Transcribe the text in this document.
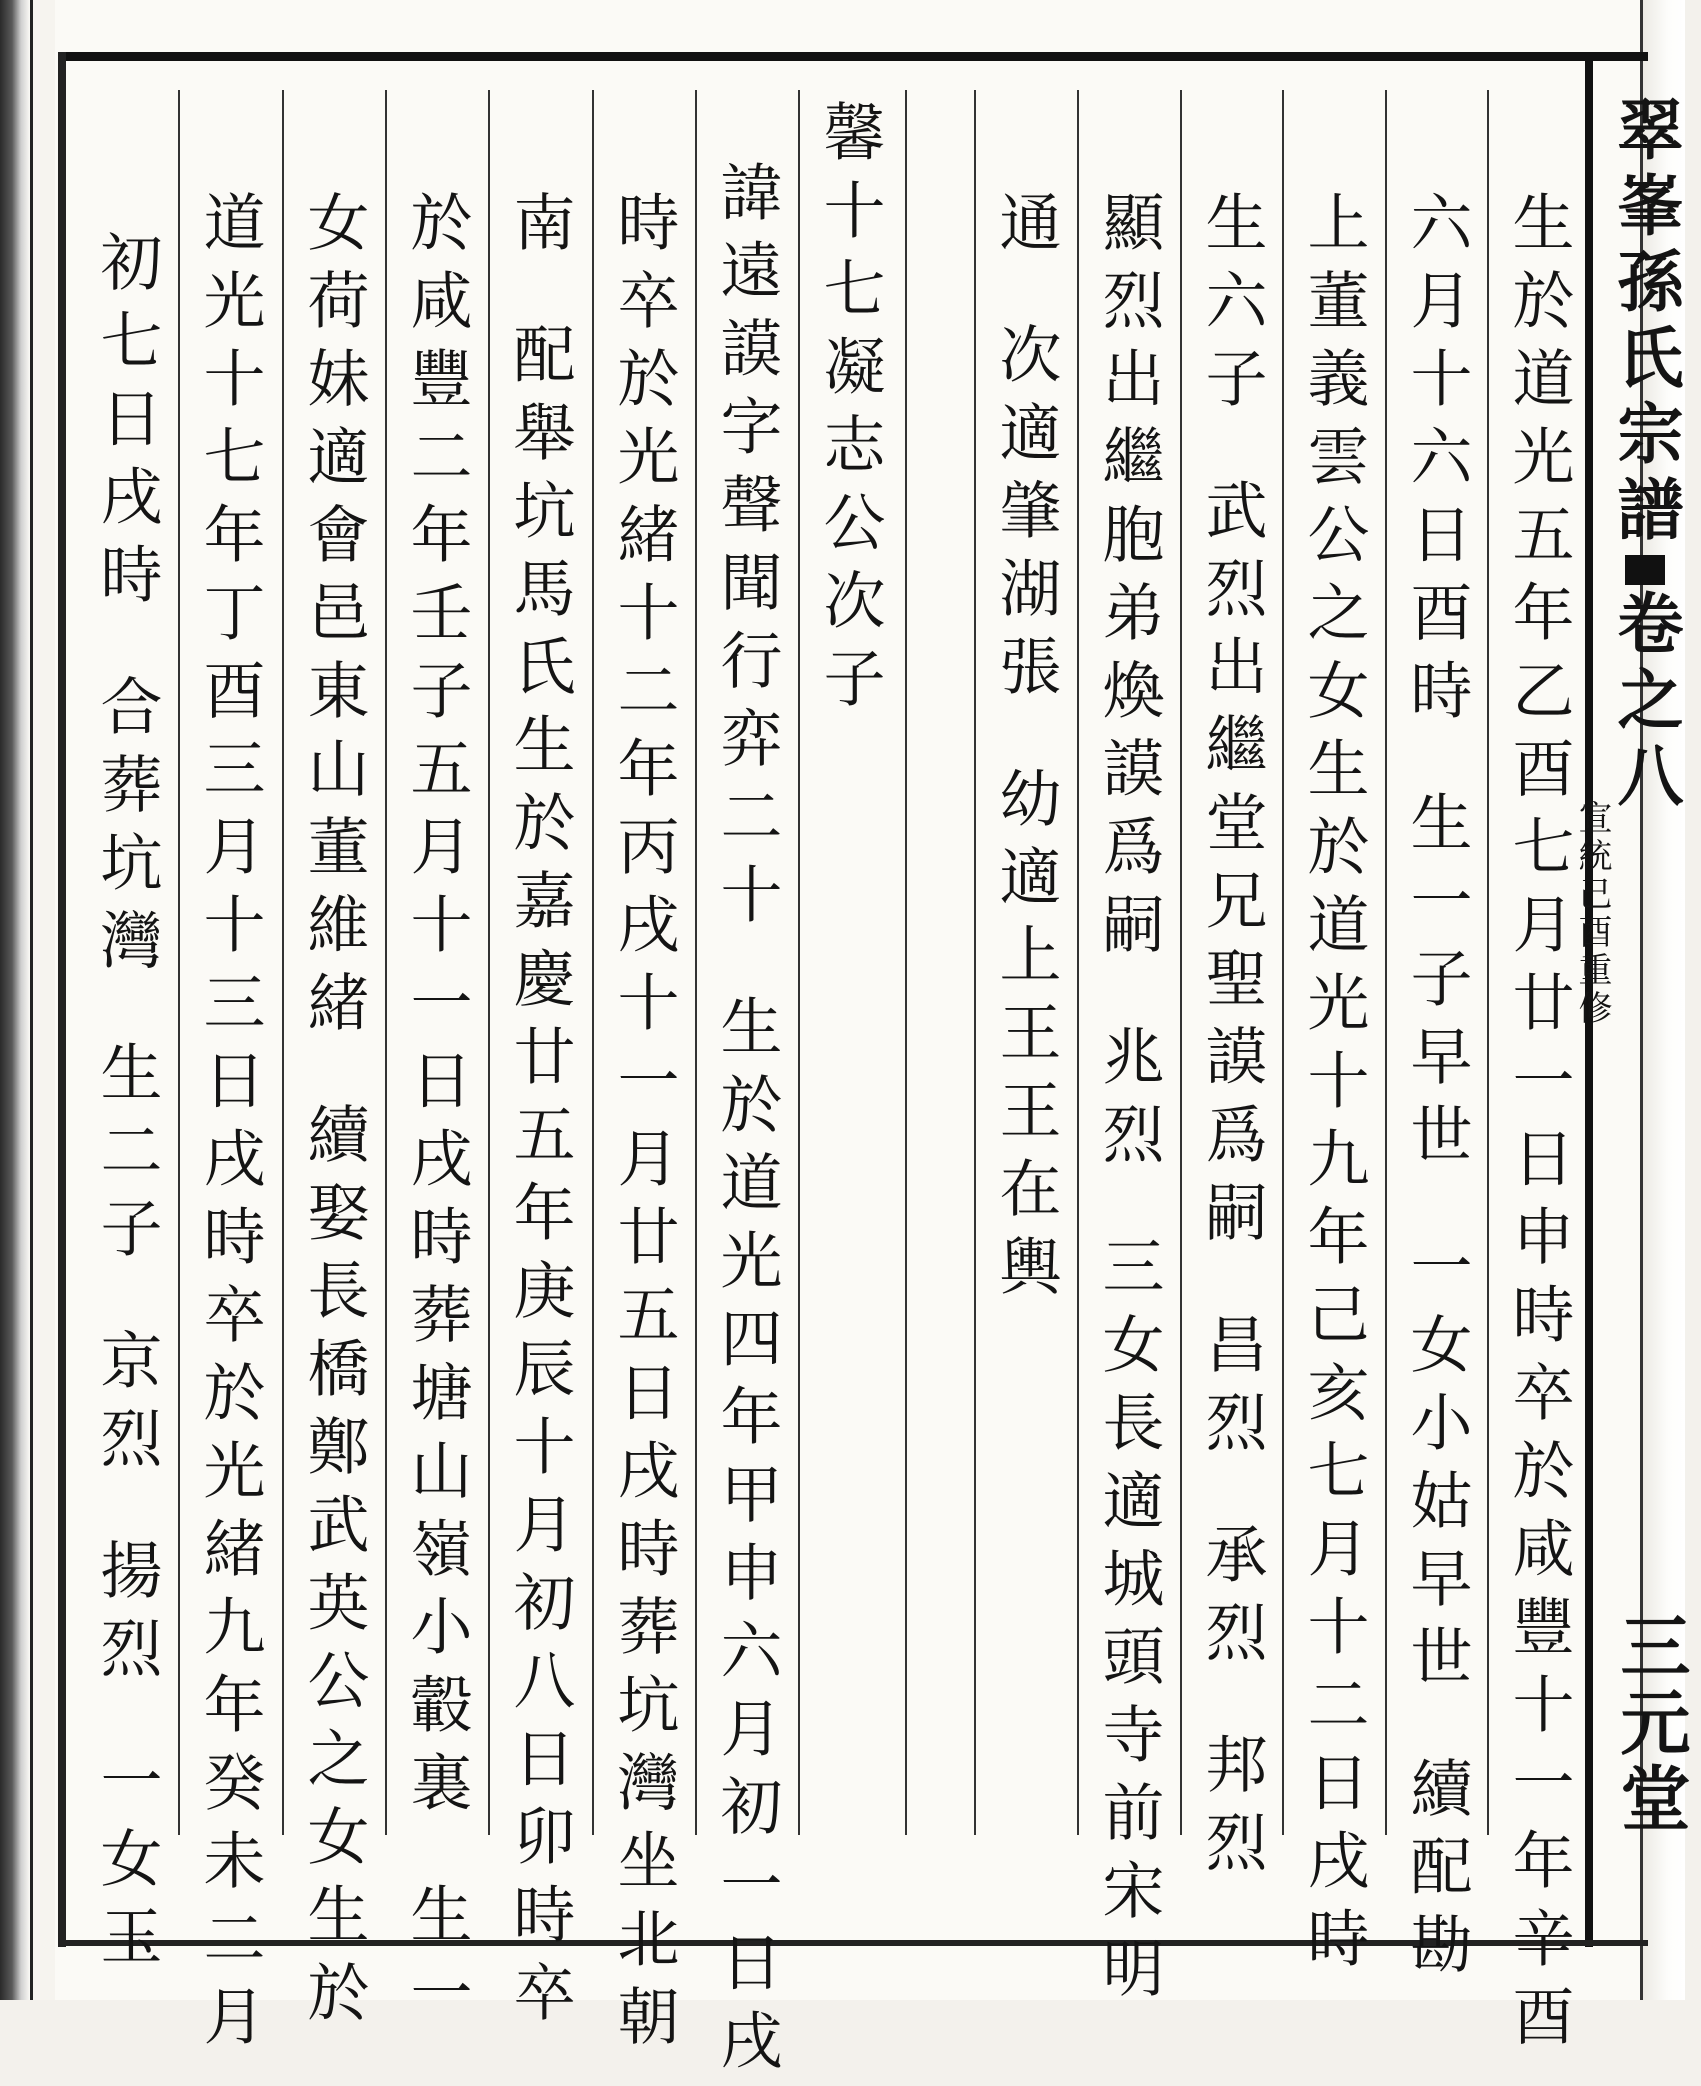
翠峯孫氏宗譜卷之八
宣統己酉重修
三元堂
生於道光五年乙酉七月廿一日申時卒於咸豐十一年辛酉
六月十六日酉時生一子早世一女小姑早世續配勘
上董義雲公之女生於道光十九年己亥七月十二日戌時
生六子武烈出繼堂兄聖謨爲嗣昌烈承烈邦烈
顯烈出繼胞弟煥謨爲嗣兆烈三女長適城頭寺前宋明
通次適肇湖張幼適上王王在輿
馨十七凝志公次子
諱遠謨字聲聞行弈二十生於道光四年甲申六月初一日戌
時卒於光緒十二年丙戌十一月廿五日戌時葬坑灣坐北朝
南配舉坑馬氏生於嘉慶廿五年庚辰十月初八日卯時卒
於咸豐二年壬子五月十一日戌時葬塘山嶺小轂裏生一
女荷妹適會邑東山董維緒續娶長橋鄭武英公之女生於
道光十七年丁酉三月十三日戌時卒於光緒九年癸未二月
初七日戌時合葬坑灣生二子京烈揚烈一女玉
